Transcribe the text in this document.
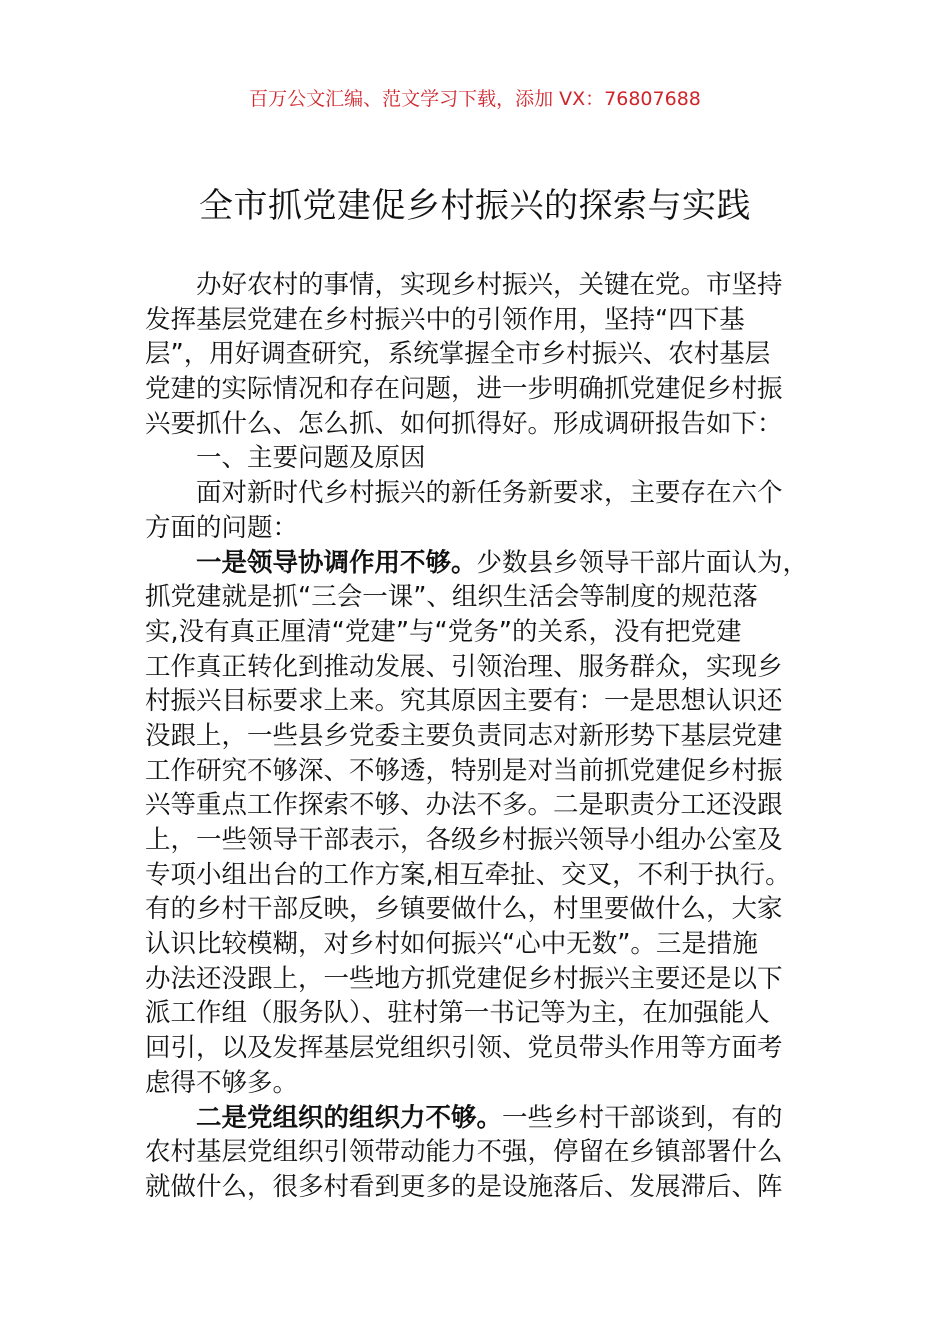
百万公文汇编、范文学习下载，添加 VX：76807688
全市抓党建促乡村振兴的探索与实践
办好农村的事情，实现乡村振兴，关键在党。市坚持
发挥基层党建在乡村振兴中的引领作用，坚持“四下基
层”，用好调查研究，系统掌握全市乡村振兴、农村基层
党建的实际情况和存在问题，进一步明确抓党建促乡村振
兴要抓什么、怎么抓、如何抓得好。形成调研报告如下：
一、主要问题及原因
面对新时代乡村振兴的新任务新要求，主要存在六个
方面的问题：
一是领导协调作用不够。少数县乡领导干部片面认为，
抓党建就是抓“三会一课”、组织生活会等制度的规范落
实,没有真正厘清“党建”与“党务”的关系，没有把党建
工作真正转化到推动发展、引领治理、服务群众，实现乡
村振兴目标要求上来。究其原因主要有：一是思想认识还
没跟上，一些县乡党委主要负责同志对新形势下基层党建
工作研究不够深、不够透，特别是对当前抓党建促乡村振
兴等重点工作探索不够、办法不多。二是职责分工还没跟
上，一些领导干部表示，各级乡村振兴领导小组办公室及
专项小组出台的工作方案,相互牵扯、交叉，不利于执行。
有的乡村干部反映，乡镇要做什么，村里要做什么，大家
认识比较模糊，对乡村如何振兴“心中无数”。三是措施
办法还没跟上，一些地方抓党建促乡村振兴主要还是以下
派工作组（服务队）、驻村第一书记等为主，在加强能人
回引，以及发挥基层党组织引领、党员带头作用等方面考
虑得不够多。
二是党组织的组织力不够。一些乡村干部谈到，有的
农村基层党组织引领带动能力不强，停留在乡镇部署什么
就做什么，很多村看到更多的是设施落后、发展滞后、阵
